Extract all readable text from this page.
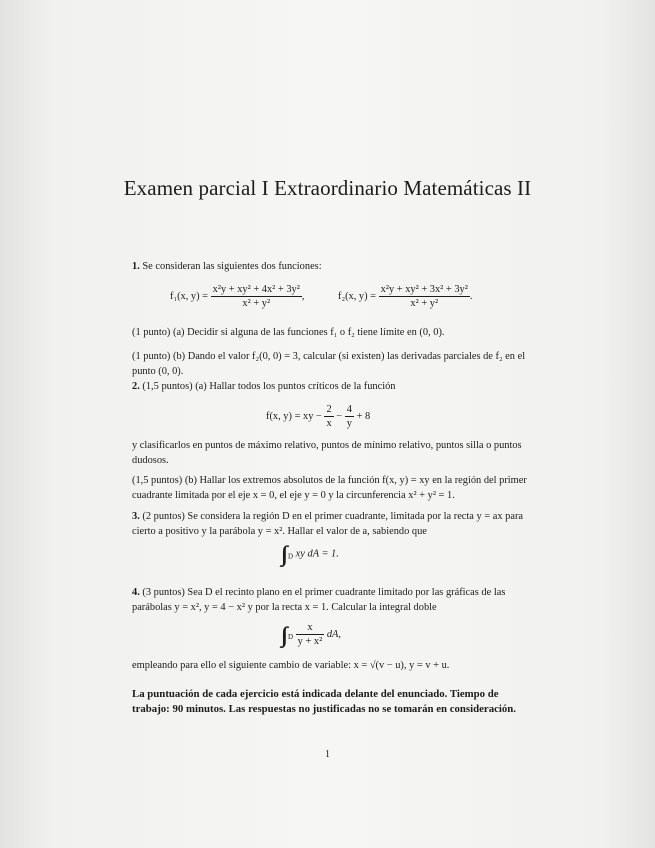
Examen parcial I Extraordinario Matemáticas II

1. Se consideran las siguientes dos funciones:

f₁(x, $y) = \frac{\text{x²y + xy² + 4x² + 3y²}}{\text{x² + y²}}$ ,	f₂(x, $y) = \frac{\text{x²y + xy² + 3x² + 3y²}}{\text{x² + y²}}$ .

(1 punto) (a) Decidir si alguna de las funciones f₁ o f₂ tiene límite en (0, 0).

(1 punto) (b) Dando el valor f₂(0, 0) = 3, calcular (si existen) las derivadas parciales de f₂ en el punto (0, 0).

2. (1,5 puntos) (a) Hallar todos los puntos críticos de la función

f(x, y) = xy − $\frac{2}{x} - \frac{4}{y} + 8$

y clasificarlos en puntos de máximo relativo, puntos de mínimo relativo, puntos silla o puntos dudosos.

(1,5 puntos) (b) Hallar los extremos absolutos de la función f(x, y) = xy en la región del primer cuadrante limitada por el eje x = 0, el eje y = 0 y la circunferencia x² + y² = 1.

3. (2 puntos) Se considera la región D en el primer cuadrante, limitada por la recta y = ax para cierto a positivo y la parábola y = x². Hallar el valor de a, sabiendo que

$_D$ xy dA = 1.

4. (3 puntos) Sea D el recinto plano en el primer cuadrante limitado por las gráficas de las parábolas y = x², y = 4 − x² y por la recta x = 1. Calcular la integral doble

$_D \frac{x}{\text{y + x²}}$ dA,

empleando para ello el siguiente cambio de variable: x = √(v − u), y = v + u.

La puntuación de cada ejercicio está indicada delante del enunciado. Tiempo de trabajo: 90 minutos. Las respuestas no justificadas no se tomarán en consideración.
1
